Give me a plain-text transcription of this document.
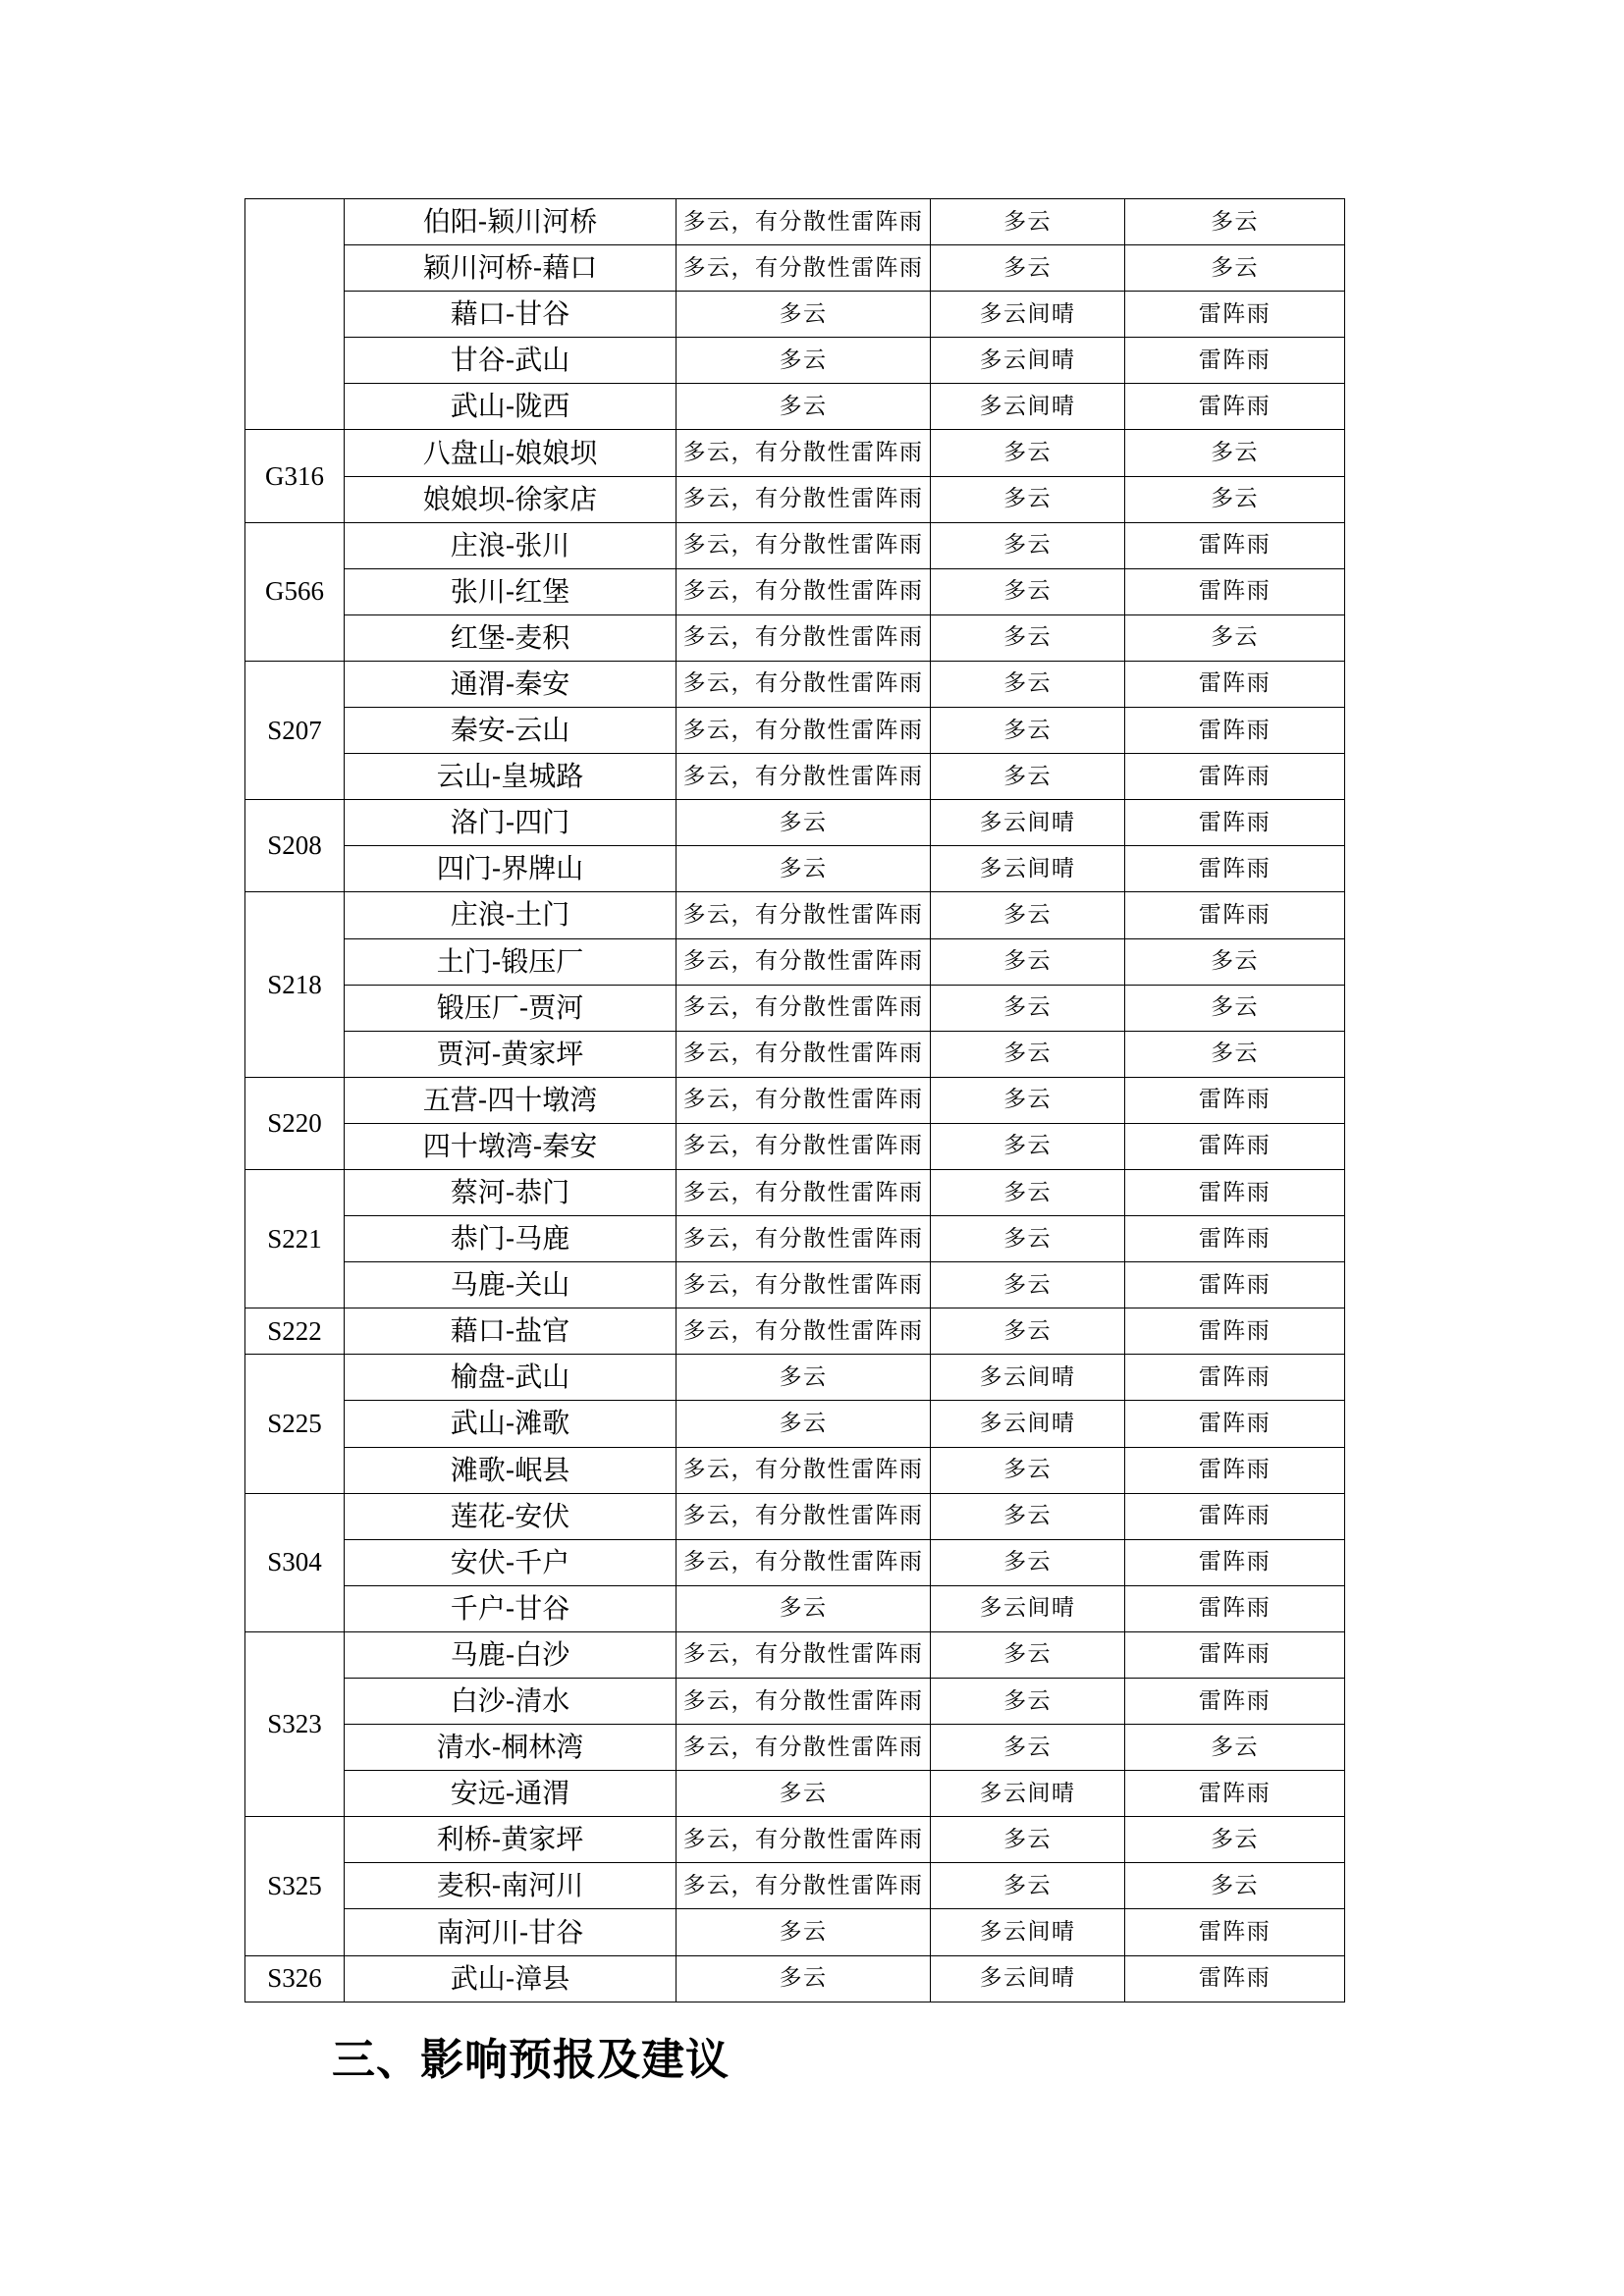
	伯阳-颖川河桥	多云，有分散性雷阵雨	多云	多云
	颖川河桥-藉口	多云，有分散性雷阵雨	多云	多云
	藉口-甘谷	多云	多云间晴	雷阵雨
	甘谷-武山	多云	多云间晴	雷阵雨
	武山-陇西	多云	多云间晴	雷阵雨
G316	八盘山-娘娘坝	多云，有分散性雷阵雨	多云	多云
	娘娘坝-徐家店	多云，有分散性雷阵雨	多云	多云
G566	庄浪-张川	多云，有分散性雷阵雨	多云	雷阵雨
	张川-红堡	多云，有分散性雷阵雨	多云	雷阵雨
	红堡-麦积	多云，有分散性雷阵雨	多云	多云
S207	通渭-秦安	多云，有分散性雷阵雨	多云	雷阵雨
	秦安-云山	多云，有分散性雷阵雨	多云	雷阵雨
	云山-皇城路	多云，有分散性雷阵雨	多云	雷阵雨
S208	洛门-四门	多云	多云间晴	雷阵雨
	四门-界牌山	多云	多云间晴	雷阵雨
S218	庄浪-土门	多云，有分散性雷阵雨	多云	雷阵雨
	土门-锻压厂	多云，有分散性雷阵雨	多云	多云
	锻压厂-贾河	多云，有分散性雷阵雨	多云	多云
	贾河-黄家坪	多云，有分散性雷阵雨	多云	多云
S220	五营-四十墩湾	多云，有分散性雷阵雨	多云	雷阵雨
	四十墩湾-秦安	多云，有分散性雷阵雨	多云	雷阵雨
S221	蔡河-恭门	多云，有分散性雷阵雨	多云	雷阵雨
	恭门-马鹿	多云，有分散性雷阵雨	多云	雷阵雨
	马鹿-关山	多云，有分散性雷阵雨	多云	雷阵雨
S222	藉口-盐官	多云，有分散性雷阵雨	多云	雷阵雨
S225	榆盘-武山	多云	多云间晴	雷阵雨
	武山-滩歌	多云	多云间晴	雷阵雨
	滩歌-岷县	多云，有分散性雷阵雨	多云	雷阵雨
S304	莲花-安伏	多云，有分散性雷阵雨	多云	雷阵雨
	安伏-千户	多云，有分散性雷阵雨	多云	雷阵雨
	千户-甘谷	多云	多云间晴	雷阵雨
S323	马鹿-白沙	多云，有分散性雷阵雨	多云	雷阵雨
	白沙-清水	多云，有分散性雷阵雨	多云	雷阵雨
	清水-桐林湾	多云，有分散性雷阵雨	多云	多云
	安远-通渭	多云	多云间晴	雷阵雨
S325	利桥-黄家坪	多云，有分散性雷阵雨	多云	多云
	麦积-南河川	多云，有分散性雷阵雨	多云	多云
	南河川-甘谷	多云	多云间晴	雷阵雨
S326	武山-漳县	多云	多云间晴	雷阵雨
三、影响预报及建议
